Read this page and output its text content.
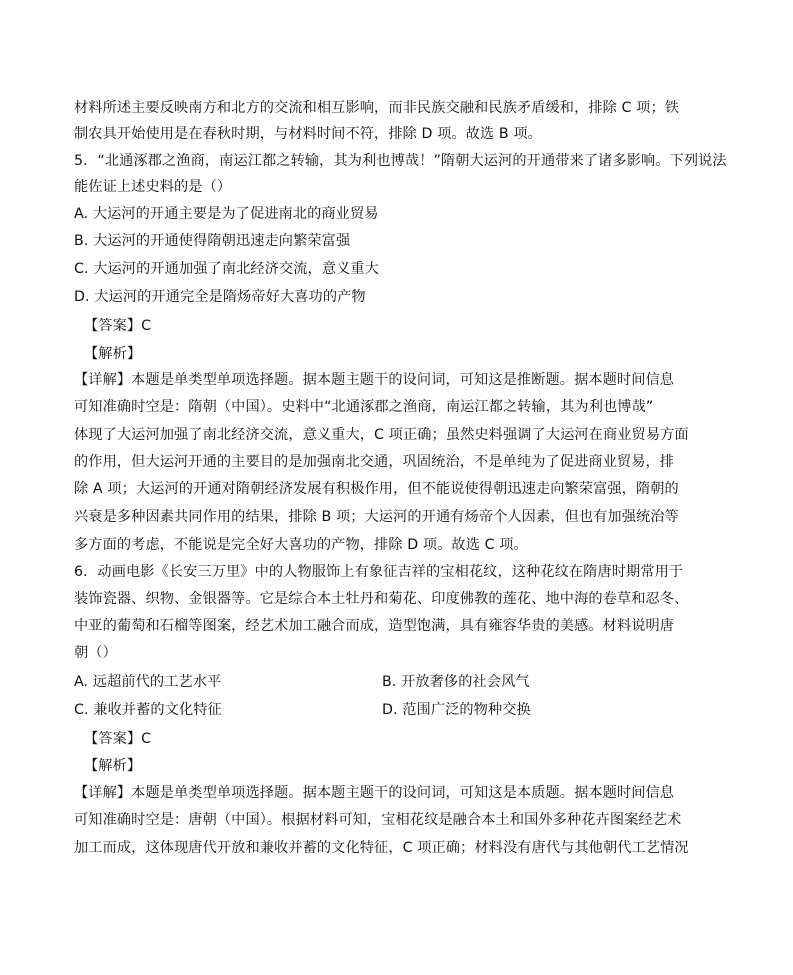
材料所述主要反映南方和北方的交流和相互影响，而非民族交融和民族矛盾缓和，排除 C 项；铁
制农具开始使用是在春秋时期，与材料时间不符，排除 D 项。故选 B 项。
5．“北通涿郡之渔商，南运江都之转输，其为利也博哉！”隋朝大运河的开通带来了诸多影响。下列说法
能佐证上述史料的是（）
A. 大运河的开通主要是为了促进南北的商业贸易
B. 大运河的开通使得隋朝迅速走向繁荣富强
C. 大运河的开通加强了南北经济交流，意义重大
D. 大运河的开通完全是隋炀帝好大喜功的产物
【答案】C
【解析】
【详解】本题是单类型单项选择题。据本题主题干的设问词，可知这是推断题。据本题时间信息
可知准确时空是：隋朝（中国）。史料中“北通涿郡之渔商，南运江都之转输，其为利也博哉”
体现了大运河加强了南北经济交流，意义重大，C 项正确；虽然史料强调了大运河在商业贸易方面
的作用，但大运河开通的主要目的是加强南北交通，巩固统治，不是单纯为了促进商业贸易，排
除 A 项；大运河的开通对隋朝经济发展有积极作用，但不能说使得朝迅速走向繁荣富强，隋朝的
兴衰是多种因素共同作用的结果，排除 B 项；大运河的开通有炀帝个人因素，但也有加强统治等
多方面的考虑，不能说是完全好大喜功的产物，排除 D 项。故选 C 项。
6．动画电影《长安三万里》中的人物服饰上有象征吉祥的宝相花纹，这种花纹在隋唐时期常用于
装饰瓷器、织物、金银器等。它是综合本土牡丹和菊花、印度佛教的莲花、地中海的卷草和忍冬、
中亚的葡萄和石榴等图案，经艺术加工融合而成，造型饱满，具有雍容华贵的美感。材料说明唐
朝（）
A. 远超前代的工艺水平	B. 开放奢侈的社会风气
C. 兼收并蓄的文化特征	D. 范围广泛的物种交换
【答案】C
【解析】
【详解】本题是单类型单项选择题。据本题主题干的设问词，可知这是本质题。据本题时间信息
可知准确时空是：唐朝（中国）。根据材料可知，宝相花纹是融合本土和国外多种花卉图案经艺术
加工而成，这体现唐代开放和兼收并蓄的文化特征，C 项正确；材料没有唐代与其他朝代工艺情况
